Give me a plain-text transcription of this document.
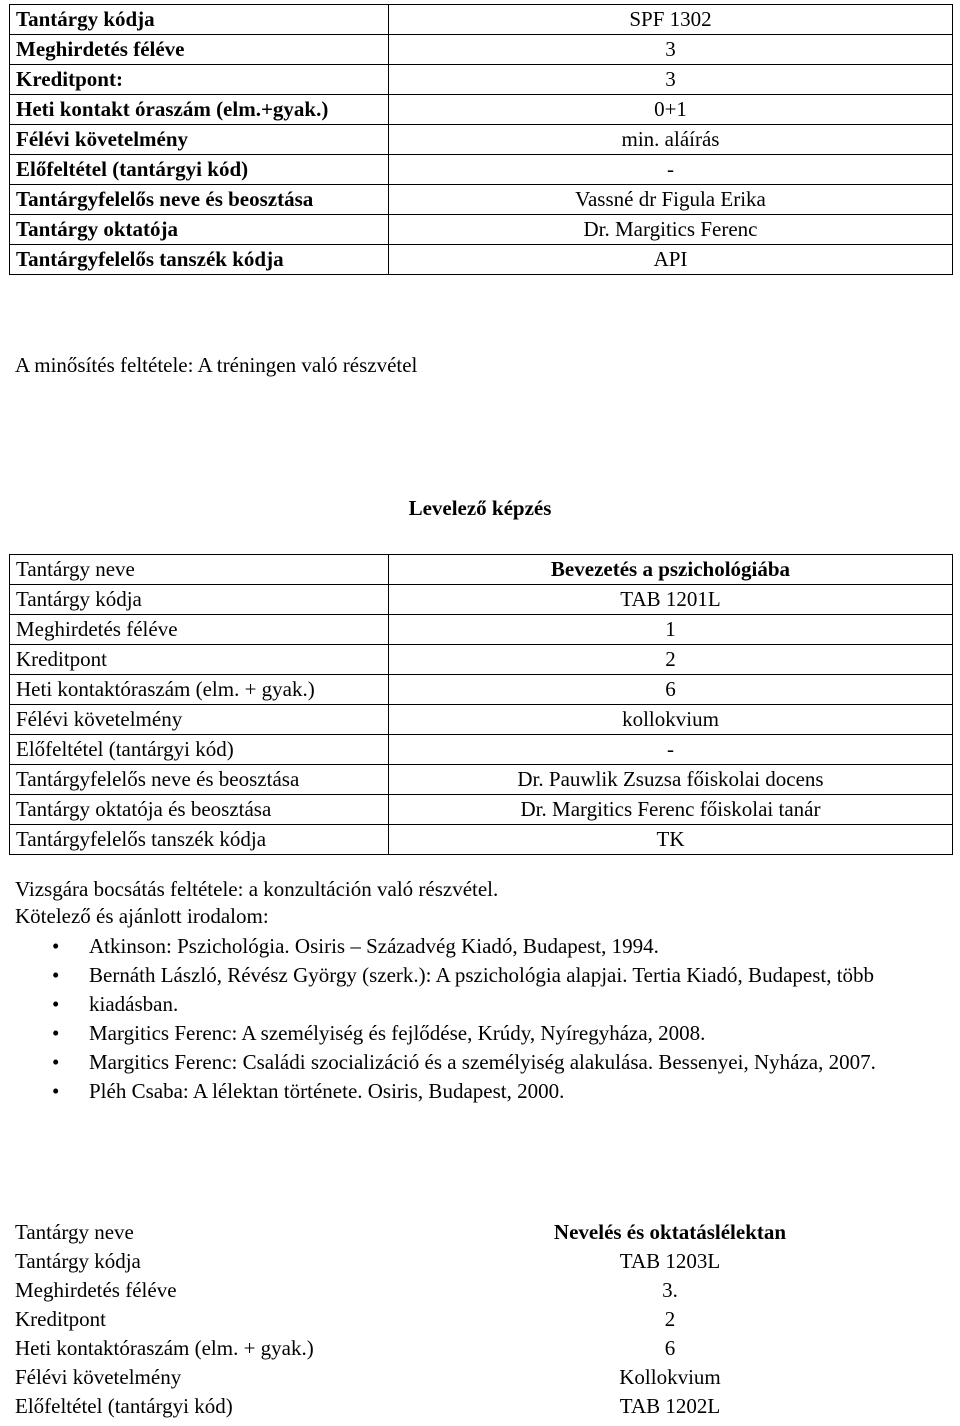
Tantárgy kódja	SPF 1302
Meghirdetés féléve	3
Kreditpont:	3
Heti kontakt óraszám (elm.+gyak.)	0+1
Félévi követelmény	min. aláírás
Előfeltétel (tantárgyi kód)	-
Tantárgyfelelős neve és beosztása	Vassné dr Figula Erika
Tantárgy oktatója	Dr. Margitics Ferenc
Tantárgyfelelős tanszék kódja	API
A minősítés feltétele: A tréningen való részvétel
Levelező képzés
Tantárgy neve	Bevezetés a pszichológiába
Tantárgy kódja	TAB 1201L
Meghirdetés féléve	1
Kreditpont	2
Heti kontaktóraszám (elm. + gyak.)	6
Félévi követelmény	kollokvium
Előfeltétel (tantárgyi kód)	-
Tantárgyfelelős neve és beosztása	Dr. Pauwlik Zsuzsa főiskolai docens
Tantárgy oktatója és beosztása	Dr. Margitics Ferenc főiskolai tanár
Tantárgyfelelős tanszék kódja	TK
Vizsgára bocsátás feltétele: a konzultáción való részvétel.
Kötelező és ajánlott irodalom:
• Atkinson: Pszichológia. Osiris – Századvég Kiadó, Budapest, 1994.
• Bernáth László, Révész György (szerk.): A pszichológia alapjai. Tertia Kiadó, Budapest, több
• kiadásban.
• Margitics Ferenc: A személyiség és fejlődése, Krúdy, Nyíregyháza, 2008.
• Margitics Ferenc: Családi szocializáció és a személyiség alakulása. Bessenyei, Nyháza, 2007.
• Pléh Csaba: A lélektan története. Osiris, Budapest, 2000.
Tantárgy neve	Nevelés és oktatáslélektan
Tantárgy kódja	TAB 1203L
Meghirdetés féléve	3.
Kreditpont	2
Heti kontaktóraszám (elm. + gyak.)	6
Félévi követelmény	Kollokvium
Előfeltétel (tantárgyi kód)	TAB 1202L
